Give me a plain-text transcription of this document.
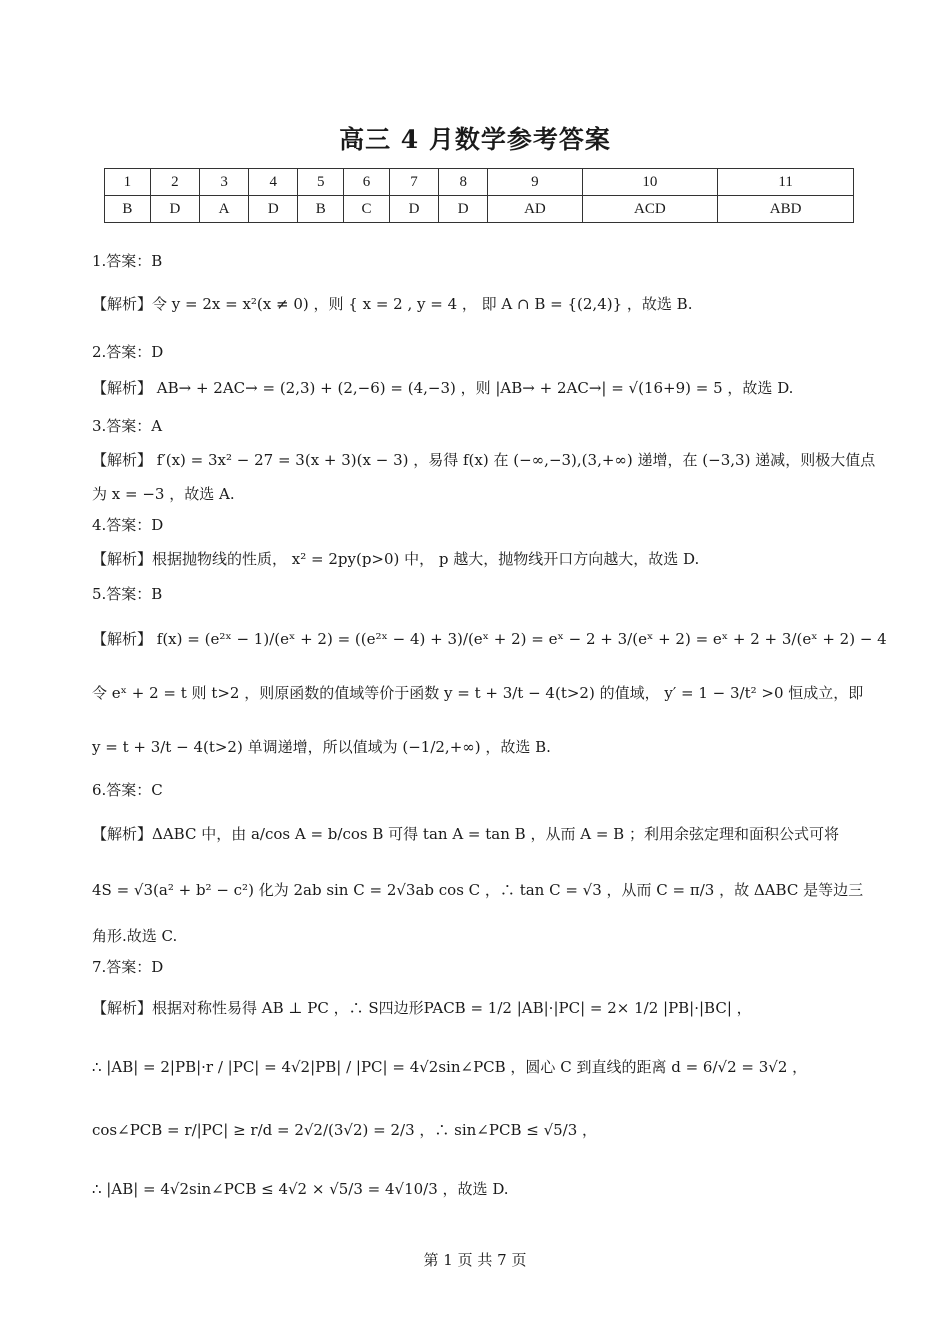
高三 4 月数学参考答案
1	2	3	4	5	6	7	8	9	10	11
B	D	A	D	B	C	D	D	AD	ACD	ABD
1.答案：B
【解析】令 y = 2x = x²(x ≠ 0) ，则 { x = 2 , y = 4 ， 即 A ∩ B = {(2,4)} ，故选 B.
2.答案：D
【解析】 AB→ + 2AC→ = (2,3) + (2,−6) = (4,−3) ，则 |AB→ + 2AC→| = √(16+9) = 5 ，故选 D.
3.答案：A
【解析】 f′(x) = 3x² − 27 = 3(x + 3)(x − 3) ，易得 f(x) 在 (−∞,−3),(3,+∞) 递增，在 (−3,3) 递减，则极大值点
为 x = −3 ，故选 A.
4.答案：D
【解析】根据抛物线的性质， x² = 2py(p>0) 中， p 越大，抛物线开口方向越大，故选 D.
5.答案：B
【解析】 f(x) = (e²ˣ − 1)/(eˣ + 2) = ((e²ˣ − 4) + 3)/(eˣ + 2) = eˣ − 2 + 3/(eˣ + 2) = eˣ + 2 + 3/(eˣ + 2) − 4
令 eˣ + 2 = t 则 t>2 ，则原函数的值域等价于函数 y = t + 3/t − 4(t>2) 的值域， y′ = 1 − 3/t² >0 恒成立，即
y = t + 3/t − 4(t>2) 单调递增，所以值域为 (−1/2,+∞) ，故选 B.
6.答案：C
【解析】ΔABC 中，由 a/cos A = b/cos B 可得 tan A = tan B ，从而 A = B ；利用余弦定理和面积公式可将
4S = √3(a² + b² − c²) 化为 2ab sin C = 2√3ab cos C ，∴ tan C = √3 ，从而 C = π/3 ，故 ΔABC 是等边三
角形.故选 C.
7.答案：D
【解析】根据对称性易得 AB ⊥ PC ，∴ S四边形PACB = 1/2 |AB|·|PC| = 2× 1/2 |PB|·|BC| ，
∴ |AB| = 2|PB|·r / |PC| = 4√2|PB| / |PC| = 4√2sin∠PCB ，圆心 C 到直线的距离 d = 6/√2 = 3√2 ，
cos∠PCB = r/|PC| ≥ r/d = 2√2/(3√2) = 2/3 ，∴ sin∠PCB ≤ √5/3 ，
∴ |AB| = 4√2sin∠PCB ≤ 4√2 × √5/3 = 4√10/3 ，故选 D.
第 1 页 共 7 页
